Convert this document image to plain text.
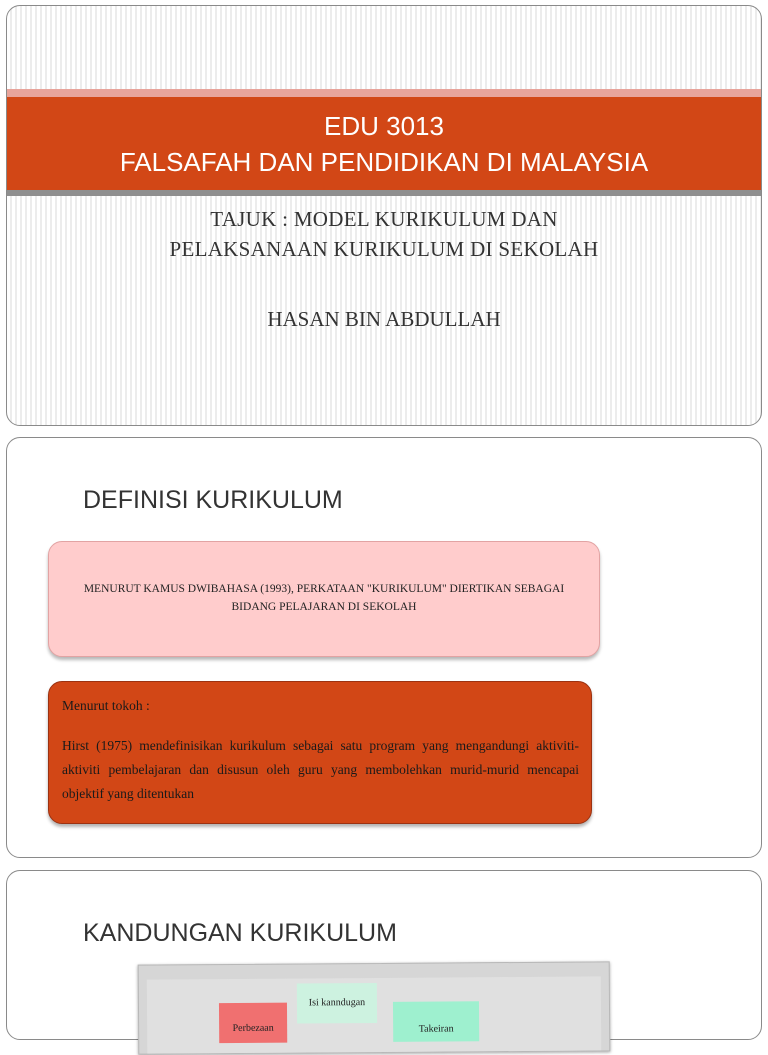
EDU 3013
FALSAFAH DAN PENDIDIKAN DI MALAYSIA
TAJUK : MODEL KURIKULUM DAN
PELAKSANAAN KURIKULUM DI SEKOLAH
HASAN BIN ABDULLAH
DEFINISI KURIKULUM
MENURUT KAMUS DWIBAHASA (1993), PERKATAAN "KURIKULUM" DIERTIKAN SEBAGAI
BIDANG PELAJARAN DI SEKOLAH
Menurut tokoh :
Hirst (1975) mendefinisikan kurikulum sebagai satu program yang mengandungi aktiviti-aktiviti pembelajaran dan disusun oleh guru yang membolehkan murid-murid mencapai objektif yang ditentukan
KANDUNGAN KURIKULUM
Isi kanndugan
Perbezaan	Takeiran
